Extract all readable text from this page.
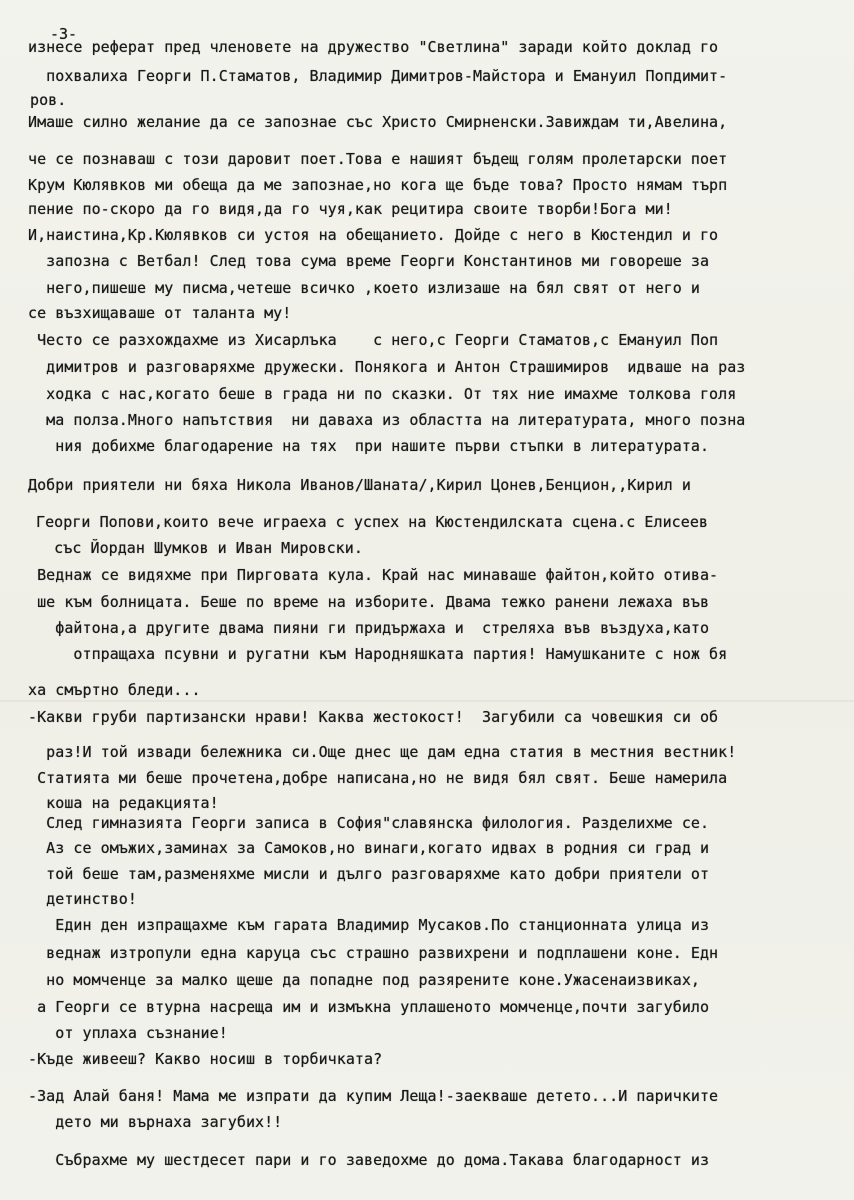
-3-
изнесе реферат пред членовете на дружество "Светлина" заради който доклад го
похвалиха Георги П.Стаматов, Владимир Димитров-Майстора и Емануил Попдимит-
ров.
Имаше силно желание да се запознае със Христо Смирненски.Завиждам ти,Авелина,
че се познаваш с този даровит поет.Това е нашият бъдещ голям пролетарски поет
Крум Кюлявков ми обеща да ме запознае,но кога ще бъде това? Просто нямам търп
пение по-скоро да го видя,да го чуя,как рецитира своите творби!Бога ми!
И,наистина,Кр.Кюлявков си устоя на обещанието. Дойде с него в Кюстендил и го
запозна с Ветбал! След това сума време Георги Константинов ми говореше за
него,пишеше му писма,четеше всичко ,което излизаше на бял свят от него и
се възхищаваше от таланта му!
Често се разхождахме из Хисарлъка    с него,с Георги Стаматов,с Емануил Поп
димитров и разговаряхме дружески. Понякога и Антон Страшимиров  идваше на раз
ходка с нас,когато беше в града ни по сказки. От тях ние имахме толкова голя
ма полза.Много напътствия  ни даваха из областта на литературата, много позна
ния добихме благодарение на тях  при нашите първи стъпки в литературата.
Добри приятели ни бяха Никола Иванов/Шаната/,Кирил Цонев,Бенцион,,Кирил и
Георги Попови,които вече играеха с успех на Кюстендилската сцена.с Елисеев
със Йордан Шумков и Иван Мировски.
Веднаж се видяхме при Пирговата кула. Край нас минаваше файтон,който отива-
ше към болницата. Беше по време на изборите. Двама тежко ранени лежаха във
файтона,а другите двама пияни ги придържаха и  стреляха във въздуха,като
отпращаха псувни и ругатни към Народняшката партия! Намушканите с нож бя
ха смъртно бледи...
-Какви груби партизански нрави! Каква жестокост!  Загубили са човешкия си об
раз!И той извади бележника си.Още днес ще дам една статия в местния вестник!
Статията ми беше прочетена,добре написана,но не видя бял свят. Беше намерила
коша на редакцията!
След гимназията Георги записа в София"славянска филология. Разделихме се.
Аз се омъжих,заминах за Самоков,но винаги,когато идвах в родния си град и
той беше там,разменяхме мисли и дълго разговаряхме като добри приятели от
детинство!
Един ден изпращахме към гарата Владимир Мусаков.По станционната улица из
веднаж изтропули една каруца със страшно развихрени и подплашени коне. Едн
но момченце за малко щеше да попадне под разярените коне.Ужасенаизвиках,
а Георги се втурна насреща им и измъкна уплашеното момченце,почти загубило
от уплаха съзнание!
-Къде живееш? Какво носиш в торбичката?
-Зад Алай баня! Мама ме изпрати да купим Леща!-заекваше детето...И паричките
дето ми върнаха загубих!!
Събрахме му шестдесет пари и го заведохме до дома.Такава благодарност из
